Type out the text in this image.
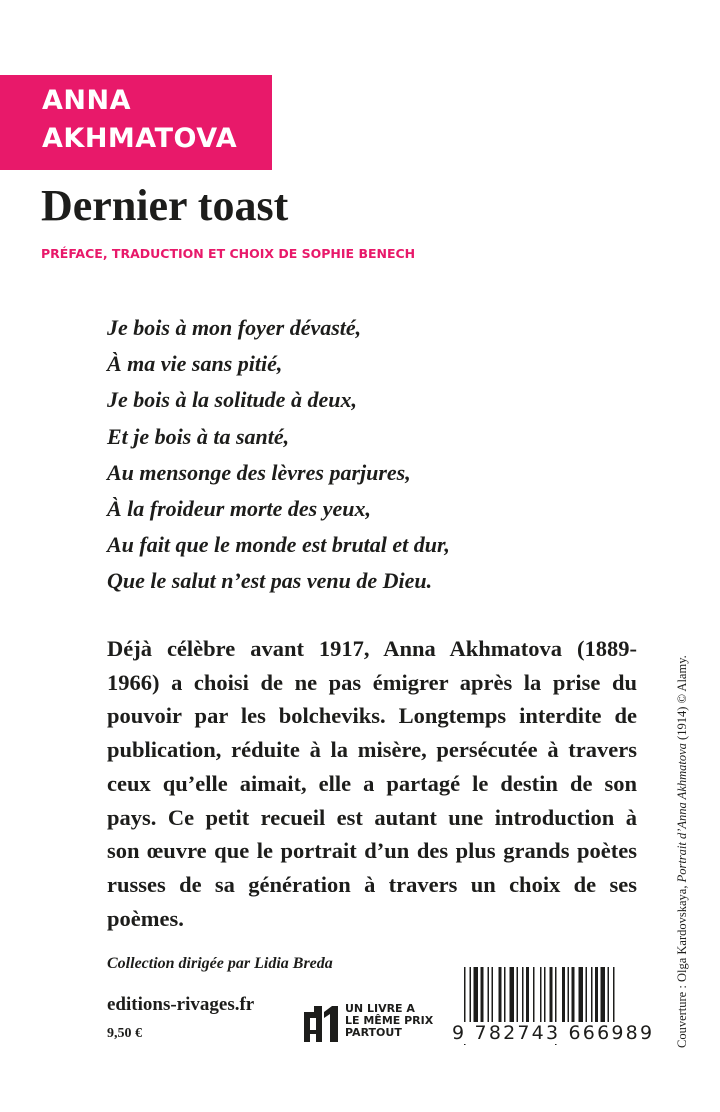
ANNA
AKHMATOVA
Dernier toast
PRÉFACE, TRADUCTION ET CHOIX DE SOPHIE BENECH
Je bois à mon foyer dévasté,
À ma vie sans pitié,
Je bois à la solitude à deux,
Et je bois à ta santé,
Au mensonge des lèvres parjures,
À la froideur morte des yeux,
Au fait que le monde est brutal et dur,
Que le salut n’est pas venu de Dieu.
Déjà célèbre avant 1917, Anna Akhmatova (1889-
1966) a choisi de ne pas émigrer après la prise du
pouvoir par les bolcheviks. Longtemps interdite de
publication, réduite à la misère, persécutée à travers
ceux qu’elle aimait, elle a partagé le destin de son
pays. Ce petit recueil est autant une introduction à
son œuvre que le portrait d’un des plus grands poètes
russes de sa génération à travers un choix de ses
poèmes.
Collection dirigée par Lidia Breda
editions-rivages.fr
9,50 €
UN LIVRE A
LE MÊME PRIX
PARTOUT	9 782743 666989 Couverture : Olga Kardovskaya, Portrait d’Anna Akhmatova (1914) © Alamy.
